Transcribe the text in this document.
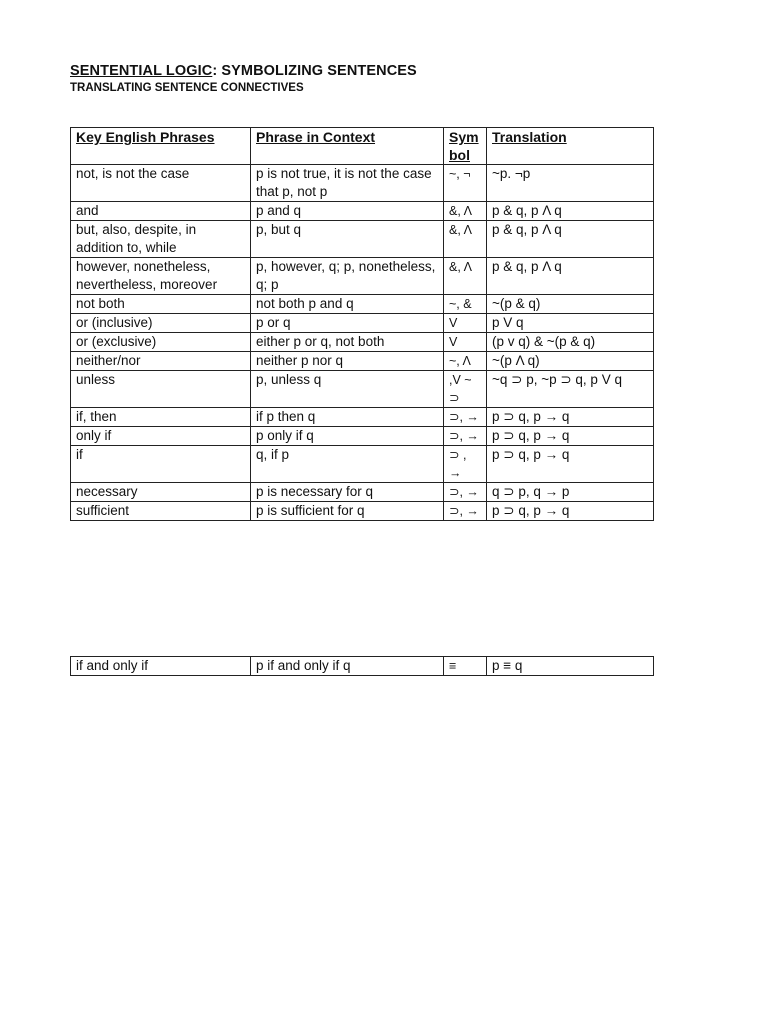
SENTENTIAL LOGIC: SYMBOLIZING SENTENCES
TRANSLATING SENTENCE CONNECTIVES
Key English Phrases	Phrase in Context	Sym bol	Translation
not, is not the case	p is not true, it is not the case that p, not p	~, ¬	~p. ¬p
and	p and q	&, Λ	p & q, p Λ q
but, also, despite, in addition to, while	p, but q	&, Λ	p & q, p Λ q
however, nonetheless, nevertheless, moreover	p, however, q; p, nonetheless, q; p	&, Λ	p & q, p Λ q
not both	not both p and q	~, &	~(p & q)
or (inclusive)	p or q	V	p V q
or (exclusive)	either p or q, not both	V	(p v q) & ~(p & q)
neither/nor	neither p nor q	~, Λ	~(p Λ q)
unless	p, unless q	,V ~ ⊃	~q ⊃ p, ~p ⊃ q, p V q
if, then	if p then q	⊃, →	p ⊃ q, p → q
only if	p only if q	⊃, →	p ⊃ q, p → q
if	q, if p	⊃ , →	p ⊃ q, p → q
necessary	p is necessary for q	⊃, →	q ⊃ p, q → p
sufficient	p is sufficient for q	⊃, →	p ⊃ q, p → q
if and only if	p if and only if q	≡	p ≡ q
